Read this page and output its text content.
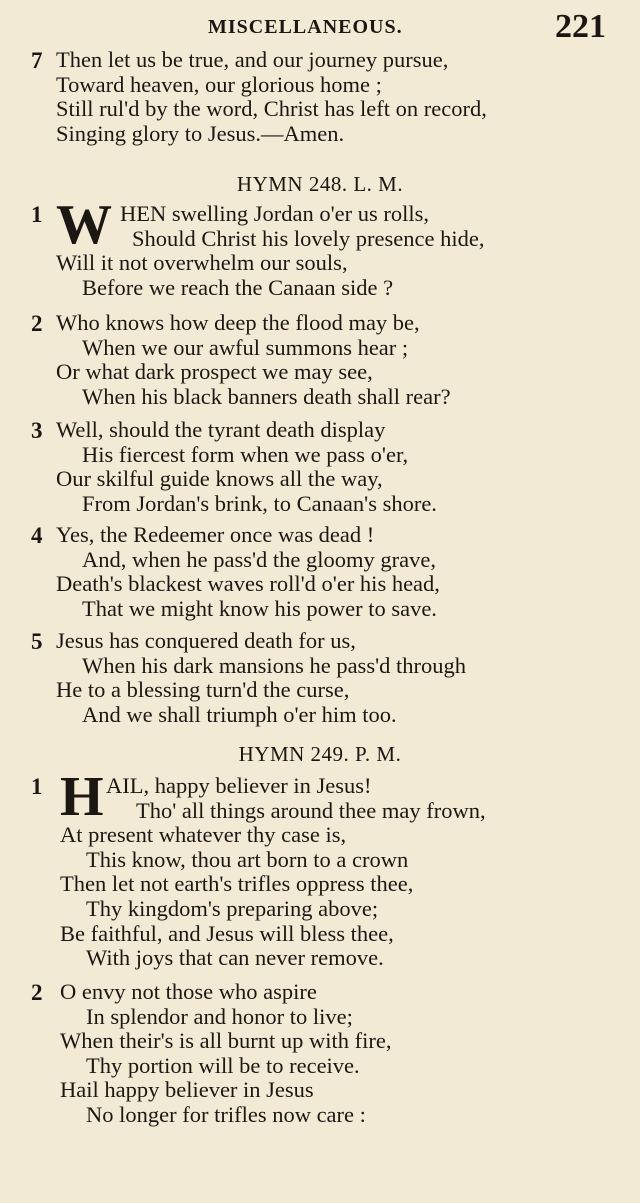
MISCELLANEOUS.	221
7 Then let us be true, and our journey pursue,
Toward heaven, our glorious home ;
Still rul'd by the word, Christ has left on record,
Singing glory to Jesus.—Amen.
HYMN 248. L. M.
1 W HEN swelling Jordan o'er us rolls,
Should Christ his lovely presence hide,
Will it not overwhelm our souls,
Before we reach the Canaan side ?
2 Who knows how deep the flood may be,
When we our awful summons hear ;
Or what dark prospect we may see,
When his black banners death shall rear?
3 Well, should the tyrant death display
His fiercest form when we pass o'er,
Our skilful guide knows all the way,
From Jordan's brink, to Canaan's shore.
4 Yes, the Redeemer once was dead !
And, when he pass'd the gloomy grave,
Death's blackest waves roll'd o'er his head,
That we might know his power to save.
5 Jesus has conquered death for us,
When his dark mansions he pass'd through
He to a blessing turn'd the curse,
And we shall triumph o'er him too.
HYMN 249. P. M.
1 H AIL, happy believer in Jesus!
Tho' all things around thee may frown,
At present whatever thy case is,
This know, thou art born to a crown
Then let not earth's trifles oppress thee,
Thy kingdom's preparing above;
Be faithful, and Jesus will bless thee,
With joys that can never remove.
2 O envy not those who aspire
In splendor and honor to live;
When their's is all burnt up with fire,
Thy portion will be to receive.
Hail happy believer in Jesus
No longer for trifles now care :
